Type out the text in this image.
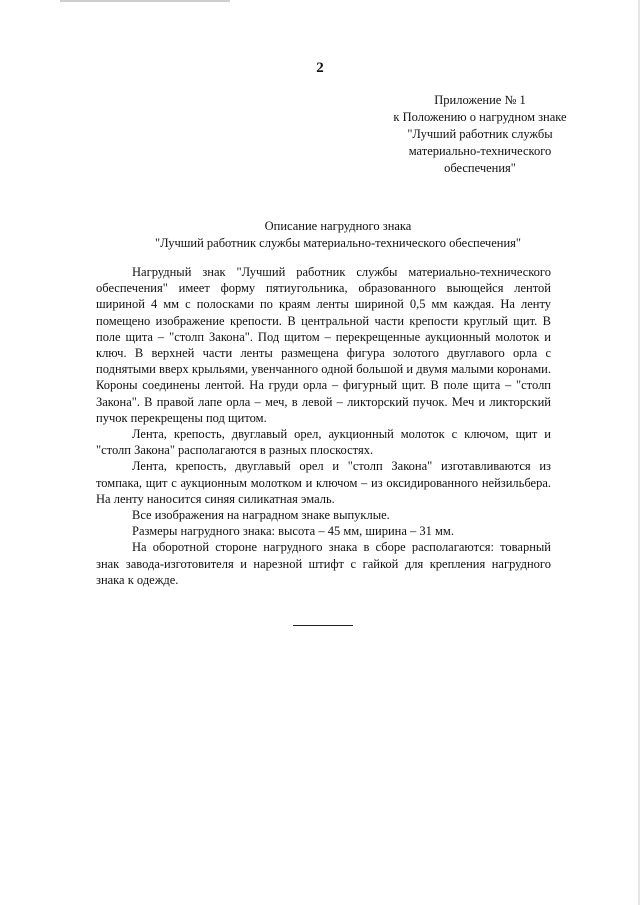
2
Приложение № 1
к Положению о нагрудном знаке
"Лучший работник службы
материально-технического
обеспечения"
Описание нагрудного знака
"Лучший работник службы материально-технического обеспечения"

Нагрудный знак "Лучший работник службы материально-технического обеспечения" имеет форму пятиугольника, образованного выющейся лентой шириной 4 мм с полосками по краям ленты шириной 0,5 мм каждая. На ленту помещено изображение крепости. В центральной части крепости круглый щит. В поле щита – "столп Закона". Под щитом – перекрещенные аукционный молоток и ключ. В верхней части ленты размещена фигура золотого двуглавого орла с поднятыми вверх крыльями, увенчанного одной большой и двумя малыми коронами. Короны соединены лентой. На груди орла – фигурный щит. В поле щита – "столп Закона". В правой лапе орла – меч, в левой – ликторский пучок. Меч и ликторский пучок перекрещены под щитом.

Лента, крепость, двуглавый орел, аукционный молоток с ключом, щит и "столп Закона" располагаются в разных плоскостях.

Лента, крепость, двуглавый орел и "столп Закона" изготавливаются из томпака, щит с аукционным молотком и ключом – из оксидированного нейзильбера. На ленту наносится синяя силикатная эмаль.

Все изображения на наградном знаке выпуклые.

Размеры нагрудного знака: высота – 45 мм, ширина – 31 мм.

На оборотной стороне нагрудного знака в сборе располагаются: товарный знак завода-изготовителя и нарезной штифт с гайкой для крепления нагрудного знака к одежде.
